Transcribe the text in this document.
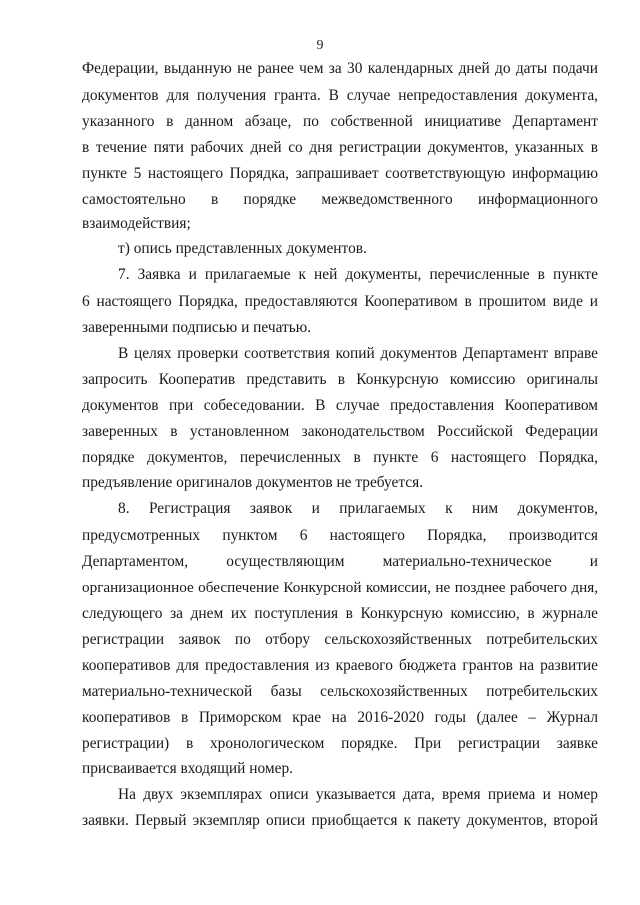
9
Федерации, выданную не ранее чем за 30 календарных дней до даты подачи
документов для получения гранта. В случае непредоставления документа,
указанного в данном абзаце, по собственной инициативе Департамент
в течение пяти рабочих дней со дня регистрации документов, указанных в
пункте 5 настоящего Порядка, запрашивает соответствующую информацию
самостоятельно в порядке межведомственного информационного
взаимодействия;
т) опись представленных документов.
7. Заявка и прилагаемые к ней документы, перечисленные в пункте
6 настоящего Порядка, предоставляются Кооперативом в прошитом виде и
заверенными подписью и печатью.
В целях проверки соответствия копий документов Департамент вправе
запросить Кооператив представить в Конкурсную комиссию оригиналы
документов при собеседовании. В случае предоставления Кооперативом
заверенных в установленном законодательством Российской Федерации
порядке документов, перечисленных в пункте 6 настоящего Порядка,
предъявление оригиналов документов не требуется.
8. Регистрация заявок и прилагаемых к ним документов,
предусмотренных пунктом 6 настоящего Порядка, производится
Департаментом, осуществляющим материально-техническое и
организационное обеспечение Конкурсной комиссии, не позднее рабочего дня,
следующего за днем их поступления в Конкурсную комиссию, в журнале
регистрации заявок по отбору сельскохозяйственных потребительских
кооперативов для предоставления из краевого бюджета грантов на развитие
материально-технической базы сельскохозяйственных потребительских
кооперативов в Приморском крае на 2016-2020 годы (далее – Журнал
регистрации) в хронологическом порядке. При регистрации заявке
присваивается входящий номер.
На двух экземплярах описи указывается дата, время приема и номер
заявки. Первый экземпляр описи приобщается к пакету документов, второй
